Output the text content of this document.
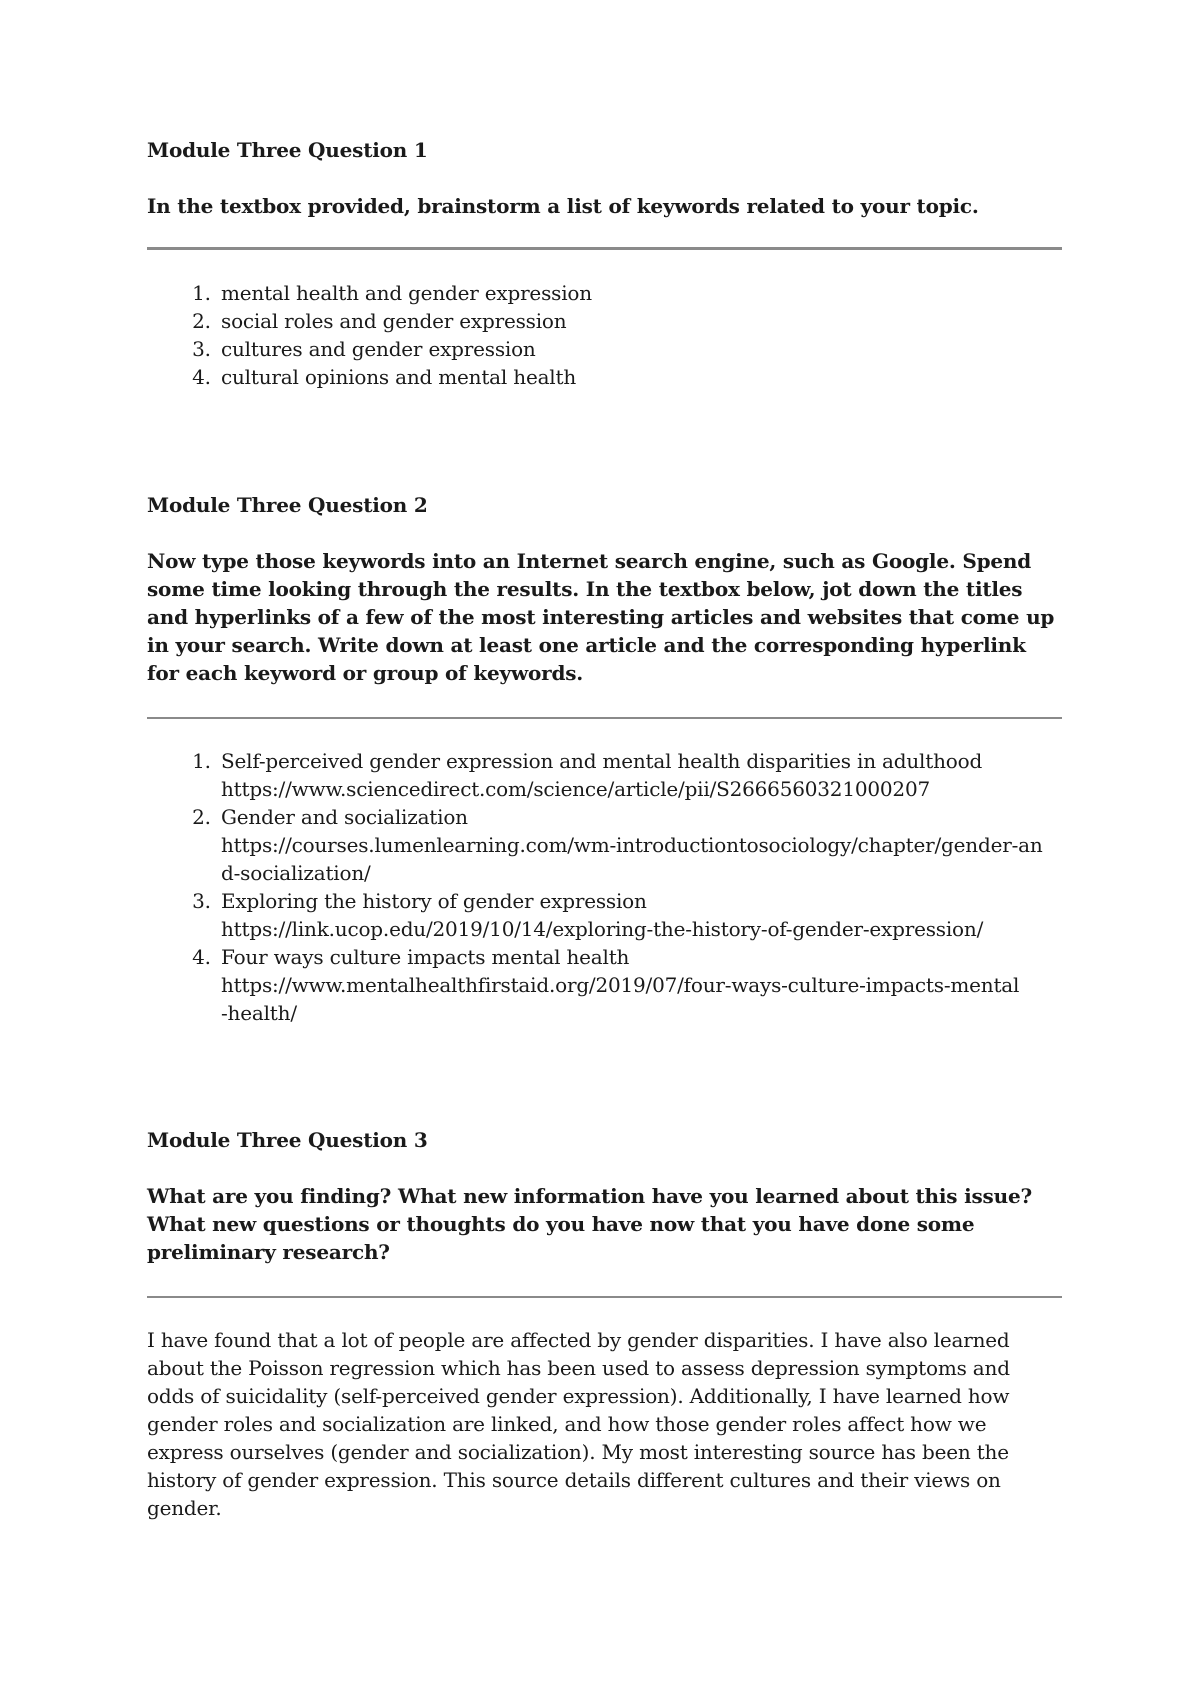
Module Three Question 1

In the textbox provided, brainstorm a list of keywords related to your topic.

1. mental health and gender expression
2. social roles and gender expression
3. cultures and gender expression
4. cultural opinions and mental health

Module Three Question 2

Now type those keywords into an Internet search engine, such as Google. Spend some time looking through the results. In the textbox below, jot down the titles and hyperlinks of a few of the most interesting articles and websites that come up in your search. Write down at least one article and the corresponding hyperlink for each keyword or group of keywords.

1. Self-perceived gender expression and mental health disparities in adulthood
https://www.sciencedirect.com/science/article/pii/S2666560321000207
2. Gender and socialization
https://courses.lumenlearning.com/wm-introductiontosociology/chapter/gender-and-socialization/
3. Exploring the history of gender expression
https://link.ucop.edu/2019/10/14/exploring-the-history-of-gender-expression/
4. Four ways culture impacts mental health
https://www.mentalhealthfirstaid.org/2019/07/four-ways-culture-impacts-mental-health/

Module Three Question 3

What are you finding? What new information have you learned about this issue? What new questions or thoughts do you have now that you have done some preliminary research?

I have found that a lot of people are affected by gender disparities. I have also learned about the Poisson regression which has been used to assess depression symptoms and odds of suicidality (self-perceived gender expression). Additionally, I have learned how gender roles and socialization are linked, and how those gender roles affect how we express ourselves (gender and socialization). My most interesting source has been the history of gender expression. This source details different cultures and their views on gender.
